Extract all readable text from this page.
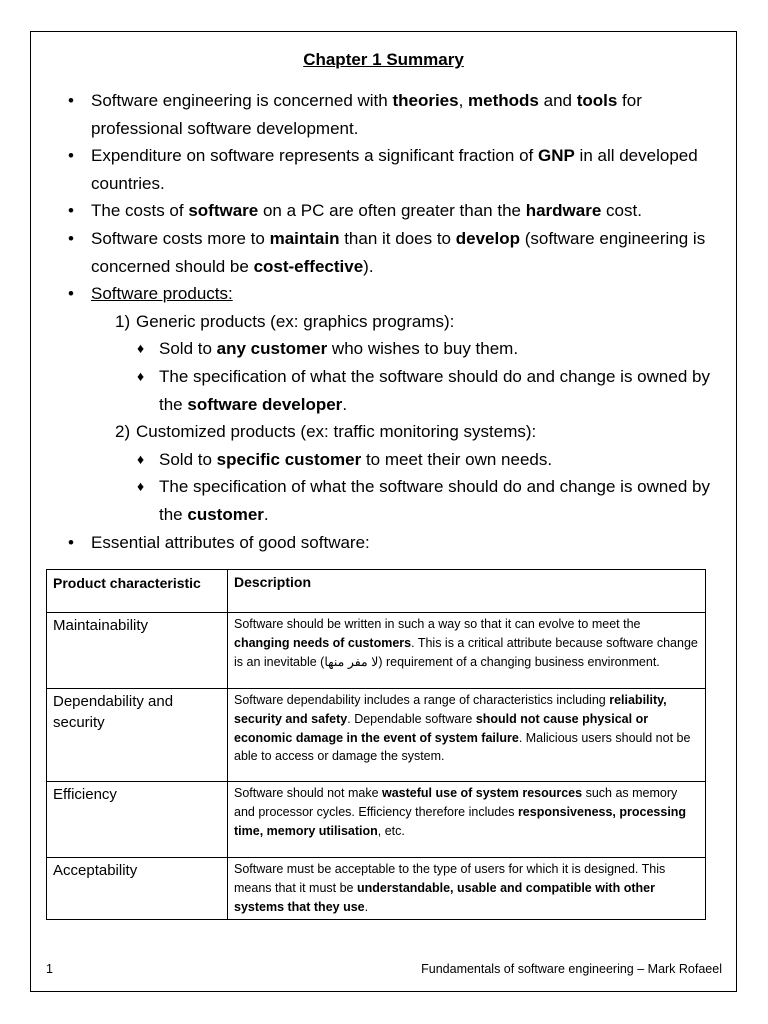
Chapter 1 Summary
• Software engineering is concerned with theories, methods and tools for professional software development.
• Expenditure on software represents a significant fraction of GNP in all developed countries.
• The costs of software on a PC are often greater than the hardware cost.
• Software costs more to maintain than it does to develop (software engineering is concerned should be cost-effective).
• Software products:
1) Generic products (ex: graphics programs):
♦ Sold to any customer who wishes to buy them.
♦ The specification of what the software should do and change is owned by the software developer.
2) Customized products (ex: traffic monitoring systems):
♦ Sold to specific customer to meet their own needs.
♦ The specification of what the software should do and change is owned by the customer.
• Essential attributes of good software:
Product characteristic	Description
Maintainability	Software should be written in such a way so that it can evolve to meet the changing needs of customers. This is a critical attribute because software change is an inevitable (لا مفر منها) requirement of a changing business environment.
Dependability and security	Software dependability includes a range of characteristics including reliability, security and safety. Dependable software should not cause physical or economic damage in the event of system failure. Malicious users should not be able to access or damage the system.
Efficiency	Software should not make wasteful use of system resources such as memory and processor cycles. Efficiency therefore includes responsiveness, processing time, memory utilisation, etc.
Acceptability	Software must be acceptable to the type of users for which it is designed. This means that it must be understandable, usable and compatible with other systems that they use.
1	Fundamentals of software engineering – Mark Rofaeel
